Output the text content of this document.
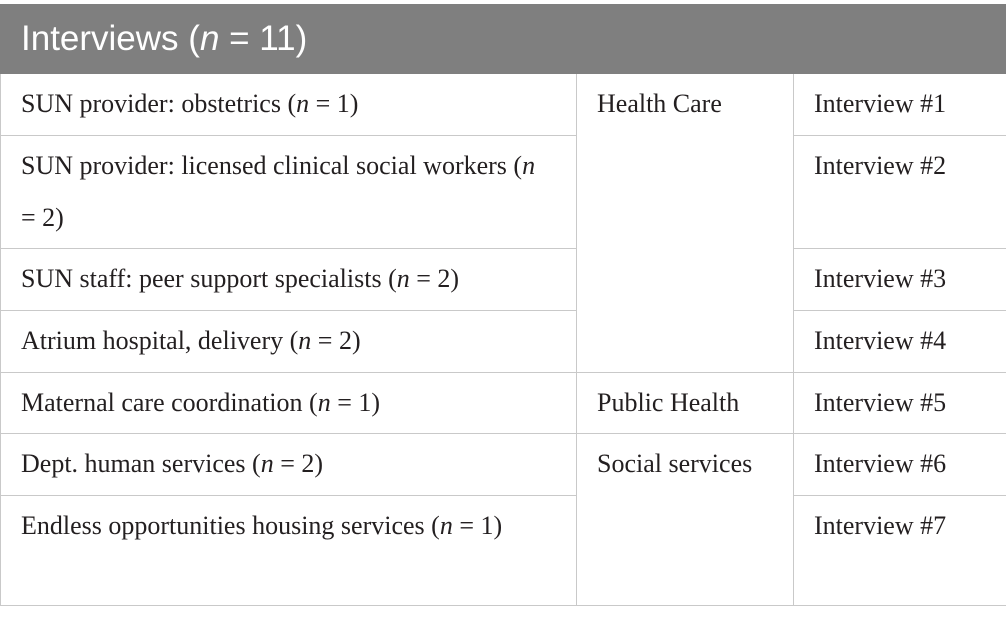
Interviews (n = 11)		
SUN provider: obstetrics (n = 1)	Health Care	Interview #1
SUN provider: licensed clinical social workers (n = 2)		Interview #2
SUN staff: peer support specialists (n = 2)		Interview #3
Atrium hospital, delivery (n = 2)		Interview #4
Maternal care coordination (n = 1)	Public Health	Interview #5
Dept. human services (n = 2)	Social services	Interview #6
Endless opportunities housing services (n = 1)		Interview #7
